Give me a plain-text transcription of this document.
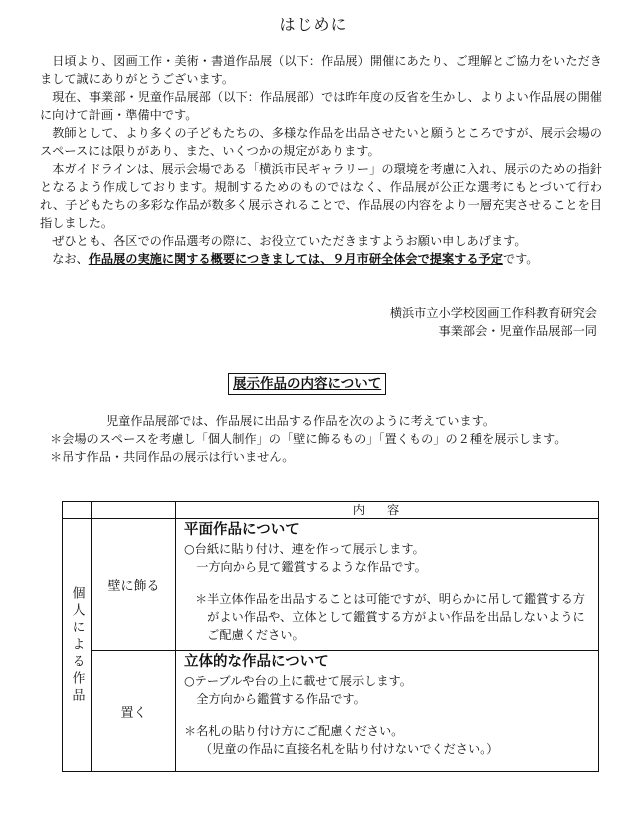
はじめに

日頃より、図画工作・美術・書道作品展（以下：作品展）開催にあたり、ご理解とご協力をいただきまして誠にありがとうございます。

現在、事業部・児童作品展部（以下：作品展部）では昨年度の反省を生かし、よりよい作品展の開催に向けて計画・準備中です。

教師として、より多くの子どもたちの、多様な作品を出品させたいと願うところですが、展示会場のスペースには限りがあり、また、いくつかの規定があります。

本ガイドラインは、展示会場である「横浜市民ギャラリー」の環境を考慮に入れ、展示のための指針となるよう作成しております。規制するためのものではなく、作品展が公正な選考にもとづいて行われ、子どもたちの多彩な作品が数多く展示されることで、作品展の内容をより一層充実させることを目指しました。

ぜひとも、各区での作品選考の際に、お役立ていただきますようお願い申しあげます。

なお、作品展の実施に関する概要につきましては、９月市研全体会で提案する予定です。

横浜市立小学校図画工作科教育研究会
事業部会・児童作品展部一同
展示作品の内容について
児童作品展部では、作品展に出品する作品を次のように考えています。
＊会場のスペースを考慮し「個人制作」の「壁に飾るもの」「置くもの」の２種を展示します。
＊吊す作品・共同作品の展示は行いません。
		内容
個人による作品	壁に飾る	平面作品について
○台紙に貼り付け、連を作って展示します。
一方向から見て鑑賞するような作品です。
＊半立体作品を出品することは可能ですが、明らかに吊して鑑賞する方がよい作品や、立体として鑑賞する方がよい作品を出品しないようにご配慮ください。

	置く	立体的な作品について
○テーブルや台の上に載せて展示します。
全方向から鑑賞する作品です。
＊名札の貼り付け方にご配慮ください。
（児童の作品に直接名札を貼り付けないでください。）
